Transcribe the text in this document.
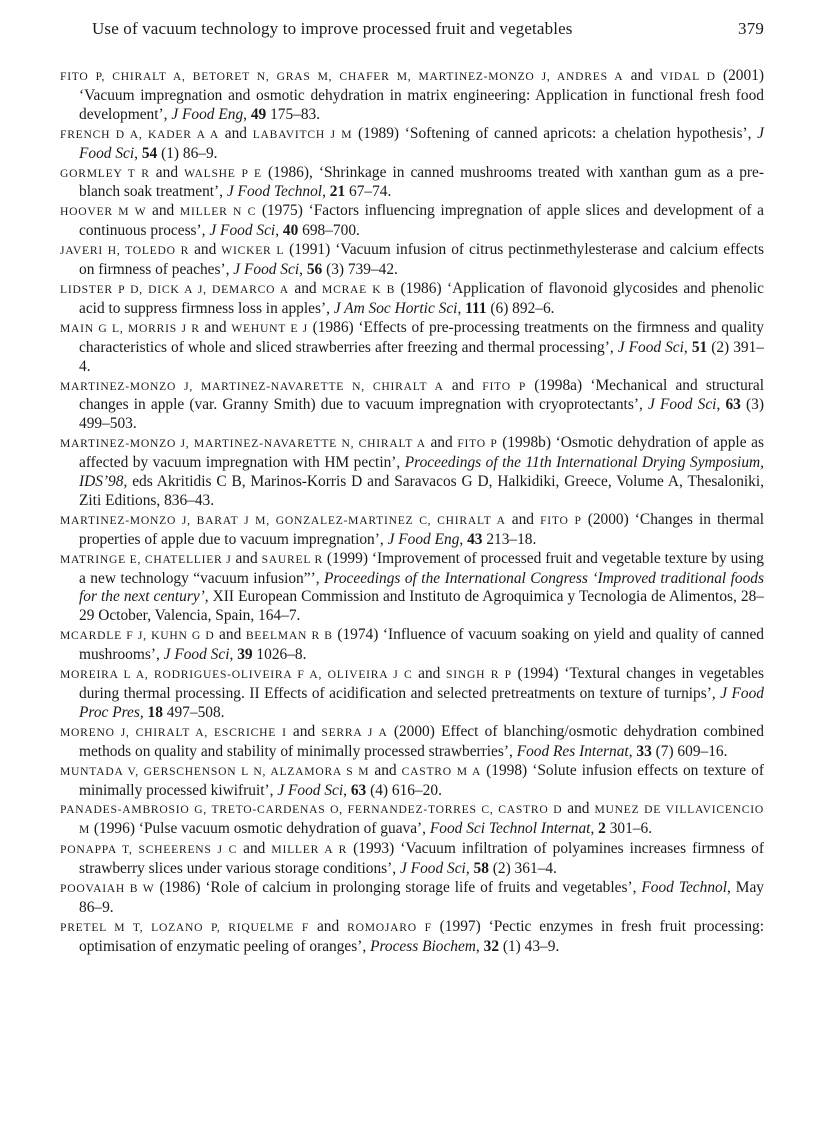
Use of vacuum technology to improve processed fruit and vegetables	379
FITO P, CHIRALT A, BETORET N, GRAS M, CHAFER M, MARTINEZ-MONZO J, ANDRES A and VIDAL D (2001) ‘Vacuum impregnation and osmotic dehydration in matrix engineering: Application in functional fresh food development’, J Food Eng, 49 175–83.
FRENCH D A, KADER A A and LABAVITCH J M (1989) ‘Softening of canned apricots: a chelation hypothesis’, J Food Sci, 54 (1) 86–9.
GORMLEY T R and WALSHE P E (1986), ‘Shrinkage in canned mushrooms treated with xanthan gum as a pre-blanch soak treatment’, J Food Technol, 21 67–74.
HOOVER M W and MILLER N C (1975) ‘Factors influencing impregnation of apple slices and development of a continuous process’, J Food Sci, 40 698–700.
JAVERI H, TOLEDO R and WICKER L (1991) ‘Vacuum infusion of citrus pectinmethylesterase and calcium effects on firmness of peaches’, J Food Sci, 56 (3) 739–42.
LIDSTER P D, DICK A J, DEMARCO A and MCRAE K B (1986) ‘Application of flavonoid glycosides and phenolic acid to suppress firmness loss in apples’, J Am Soc Hortic Sci, 111 (6) 892–6.
MAIN G L, MORRIS J R and WEHUNT E J (1986) ‘Effects of pre-processing treatments on the firmness and quality characteristics of whole and sliced strawberries after freezing and thermal processing’, J Food Sci, 51 (2) 391–4.
MARTINEZ-MONZO J, MARTINEZ-NAVARETTE N, CHIRALT A and FITO P (1998a) ‘Mechanical and structural changes in apple (var. Granny Smith) due to vacuum impregnation with cryoprotectants’, J Food Sci, 63 (3) 499–503.
MARTINEZ-MONZO J, MARTINEZ-NAVARETTE N, CHIRALT A and FITO P (1998b) ‘Osmotic dehydration of apple as affected by vacuum impregnation with HM pectin’, Proceedings of the 11th International Drying Symposium, IDS’98, eds Akritidis C B, Marinos-Korris D and Saravacos G D, Halkidiki, Greece, Volume A, Thesaloniki, Ziti Editions, 836–43.
MARTINEZ-MONZO J, BARAT J M, GONZALEZ-MARTINEZ C, CHIRALT A and FITO P (2000) ‘Changes in thermal properties of apple due to vacuum impregnation’, J Food Eng, 43 213–18.
MATRINGE E, CHATELLIER J and SAUREL R (1999) ‘Improvement of processed fruit and vegetable texture by using a new technology “vacuum infusion”’, Proceedings of the International Congress ‘Improved traditional foods for the next century’, XII European Commission and Instituto de Agroquimica y Tecnologia de Alimentos, 28–29 October, Valencia, Spain, 164–7.
MCARDLE F J, KUHN G D and BEELMAN R B (1974) ‘Influence of vacuum soaking on yield and quality of canned mushrooms’, J Food Sci, 39 1026–8.
MOREIRA L A, RODRIGUES-OLIVEIRA F A, OLIVEIRA J C and SINGH R P (1994) ‘Textural changes in vegetables during thermal processing. II Effects of acidification and selected pretreatments on texture of turnips’, J Food Proc Pres, 18 497–508.
MORENO J, CHIRALT A, ESCRICHE I and SERRA J A (2000) Effect of blanching/osmotic dehydration combined methods on quality and stability of minimally processed strawberries’, Food Res Internat, 33 (7) 609–16.
MUNTADA V, GERSCHENSON L N, ALZAMORA S M and CASTRO M A (1998) ‘Solute infusion effects on texture of minimally processed kiwifruit’, J Food Sci, 63 (4) 616–20.
PANADES-AMBROSIO G, TRETO-CARDENAS O, FERNANDEZ-TORRES C, CASTRO D and MUNEZ DE VILLAVICENCIO M (1996) ‘Pulse vacuum osmotic dehydration of guava’, Food Sci Technol Internat, 2 301–6.
PONAPPA T, SCHEERENS J C and MILLER A R (1993) ‘Vacuum infiltration of polyamines increases firmness of strawberry slices under various storage conditions’, J Food Sci, 58 (2) 361–4.
POOVAIAH B W (1986) ‘Role of calcium in prolonging storage life of fruits and vegetables’, Food Technol, May 86–9.
PRETEL M T, LOZANO P, RIQUELME F and ROMOJARO F (1997) ‘Pectic enzymes in fresh fruit processing: optimisation of enzymatic peeling of oranges’, Process Biochem, 32 (1) 43–9.
